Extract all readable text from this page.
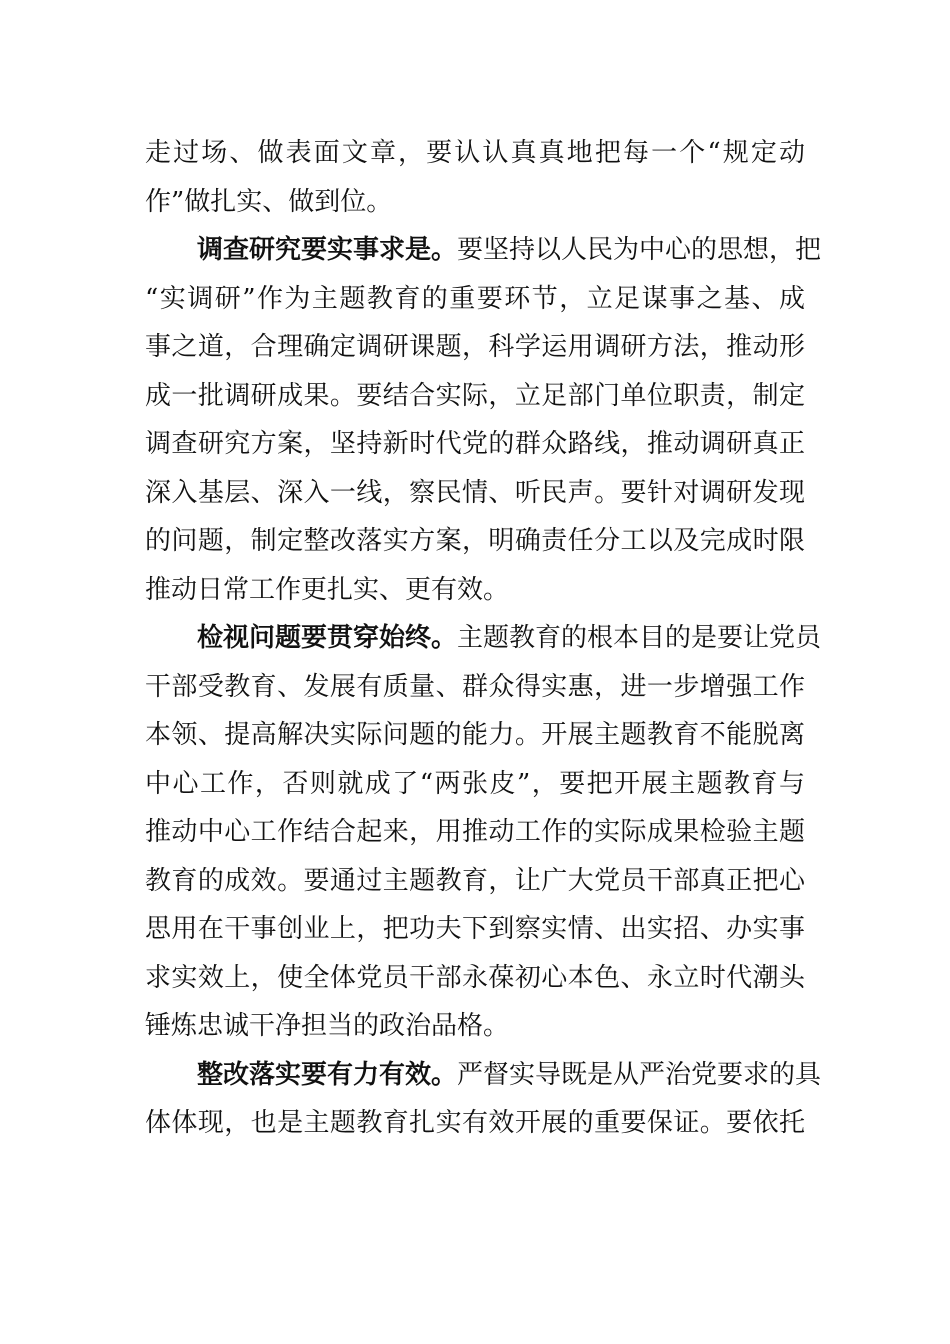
走过场、做表面文章，要认认真真地把每一个“规定动
作”做扎实、做到位。
调查研究要实事求是。要坚持以人民为中心的思想，把
“实调研”作为主题教育的重要环节，立足谋事之基、成
事之道，合理确定调研课题，科学运用调研方法，推动形
成一批调研成果。要结合实际，立足部门单位职责，制定
调查研究方案，坚持新时代党的群众路线，推动调研真正
深入基层、深入一线，察民情、听民声。要针对调研发现
的问题，制定整改落实方案，明确责任分工以及完成时限
推动日常工作更扎实、更有效。
检视问题要贯穿始终。主题教育的根本目的是要让党员
干部受教育、发展有质量、群众得实惠，进一步增强工作
本领、提高解决实际问题的能力。开展主题教育不能脱离
中心工作，否则就成了“两张皮”，要把开展主题教育与
推动中心工作结合起来，用推动工作的实际成果检验主题
教育的成效。要通过主题教育，让广大党员干部真正把心
思用在干事创业上，把功夫下到察实情、出实招、办实事
求实效上，使全体党员干部永葆初心本色、永立时代潮头
锤炼忠诚干净担当的政治品格。
整改落实要有力有效。严督实导既是从严治党要求的具
体体现，也是主题教育扎实有效开展的重要保证。要依托
